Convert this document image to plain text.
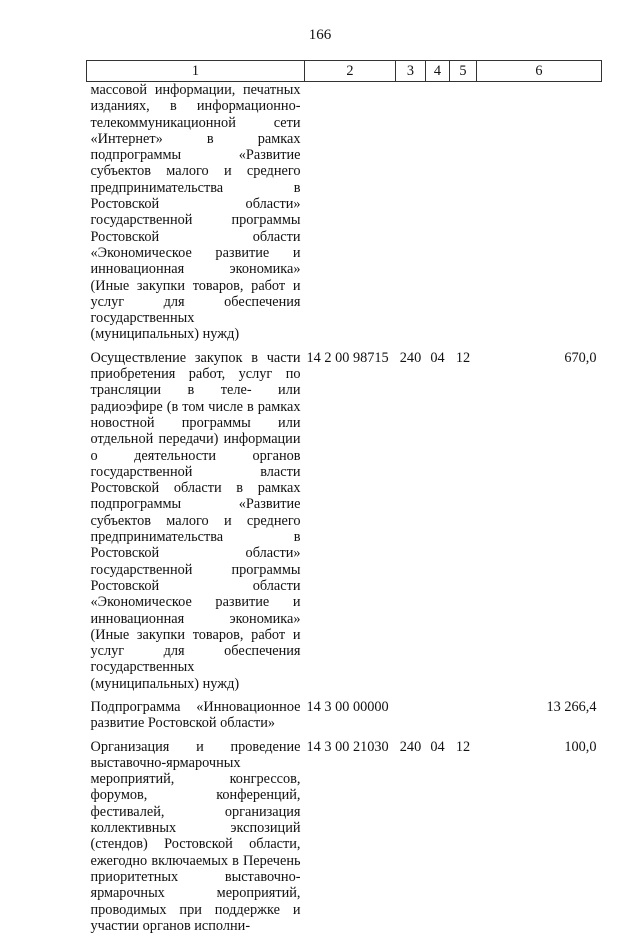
166
1	2	3	4	5	6
массовой информации, печатных изданиях, в информационно-телекоммуникационной сети «Интернет» в рамках подпрограммы «Развитие субъектов малого и среднего предпринимательства в Ростовской области» государственной программы Ростовской области «Экономическое развитие и инновационная экономика» (Иные закупки товаров, работ и услуг для обеспечения государственных (муниципальных) нужд)					
Осуществление закупок в части приобретения работ, услуг по трансляции в теле- или радиоэфире (в том числе в рамках новостной программы или отдельной передачи) информации о деятельности органов государственной власти Ростовской области в рамках подпрограммы «Развитие субъектов малого и среднего предпринимательства в Ростовской области» государственной программы Ростовской области «Экономическое развитие и инновационная экономика» (Иные закупки товаров, работ и услуг для обеспечения государственных (муниципальных) нужд)	14 2 00 98715	240	04	12	670,0
Подпрограмма «Инновационное развитие Ростовской области»	14 3 00 00000				13 266,4
Организация и проведение выставочно-ярмарочных мероприятий, конгрессов, форумов, конференций, фестивалей, организация коллективных экспозиций (стендов) Ростовской области, ежегодно включаемых в Перечень приоритетных выставочно-ярмарочных мероприятий, проводимых при поддержке и участии органов исполни-	14 3 00 21030	240	04	12	100,0
